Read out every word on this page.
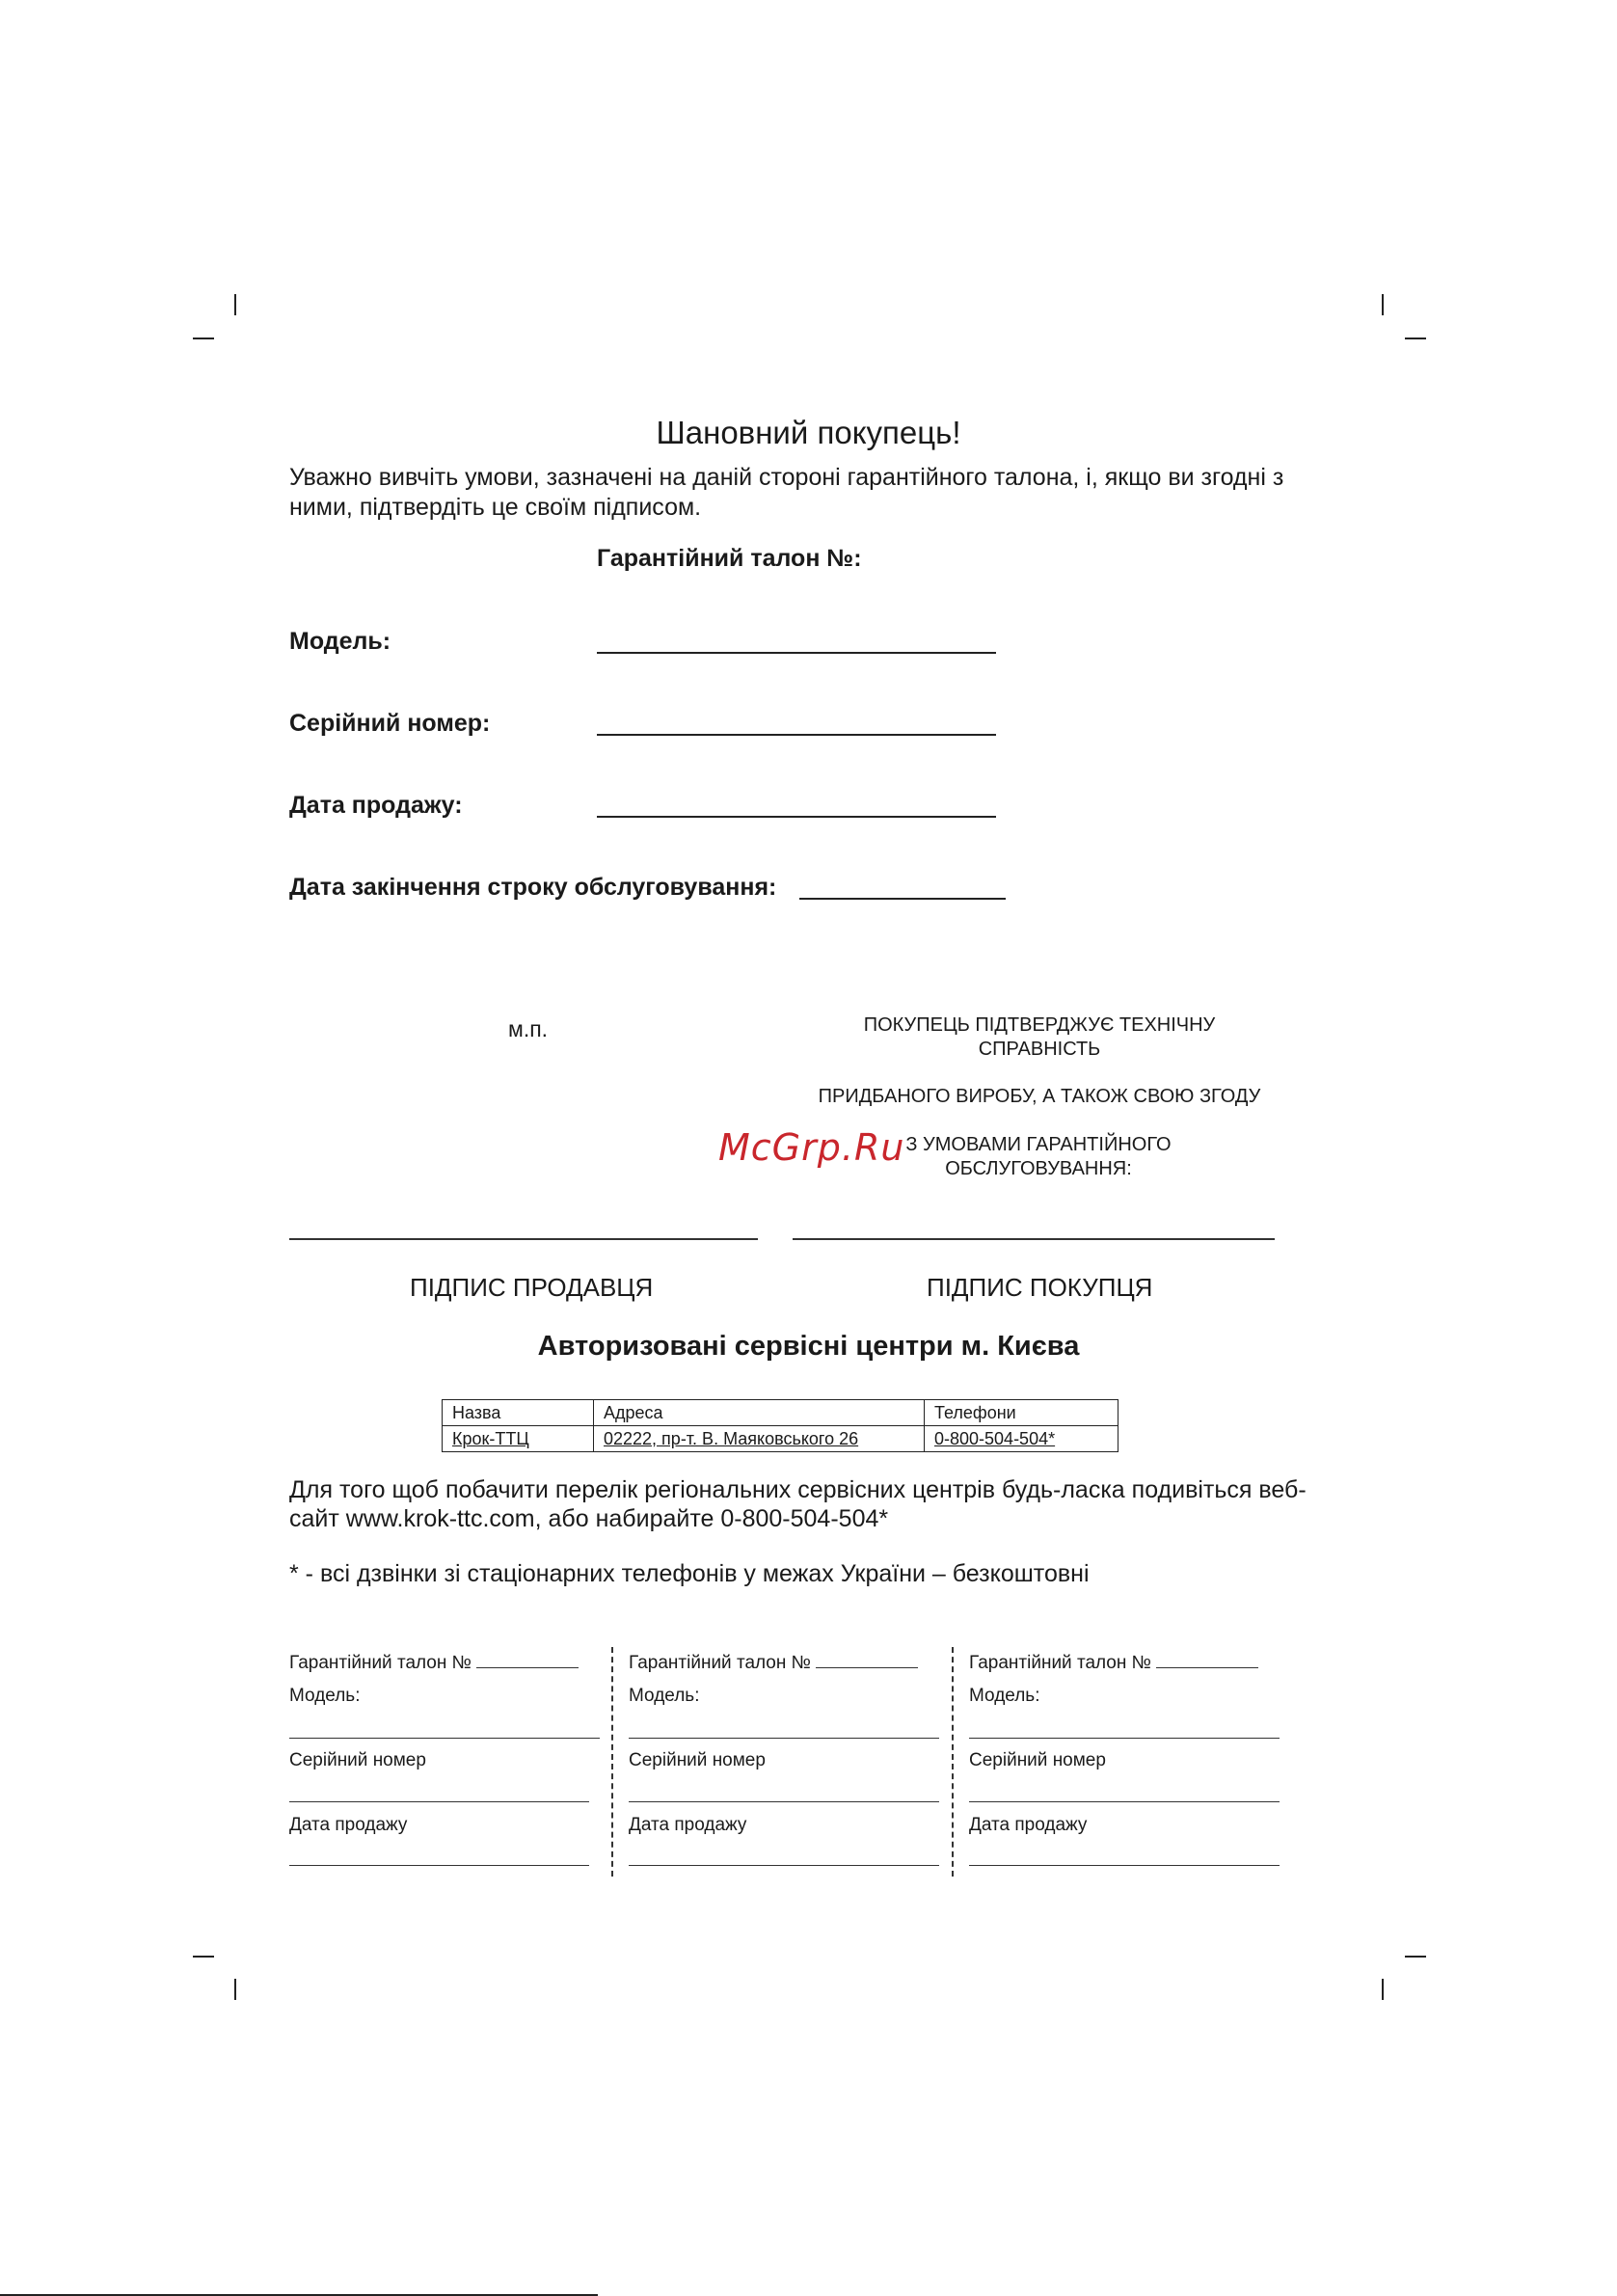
Шановний покупець!
Уважно вивчіть умови, зазначені на даній стороні гарантійного талона, і, якщо ви згодні з ними, підтвердіть це своїм підписом.
Гарантійний талон №:
Модель:
Серійний номер:
Дата продажу:
Дата закінчення строку обслуговування:
м.п.	ПОКУПЕЦЬ ПІДТВЕРДЖУЄ ТЕХНІЧНУ
СПРАВНІСТЬ
ПРИДБАНОГО ВИРОБУ, А ТАКОЖ СВОЮ ЗГОДУ
З УМОВАМИ ГАРАНТІЙНОГО
ОБСЛУГОВУВАННЯ:
McGrp.Ru
ПІДПИС ПРОДАВЦЯ	ПІДПИС ПОКУПЦЯ
Авторизовані сервісні центри м. Києва
Назва	Адреса	Телефони
Крок-ТТЦ	02222, пр-т. В. Маяковського 26	0-800-504-504*
Для того щоб побачити перелік регіональних сервісних центрів будь-ласка подивіться веб-сайт www.krok-ttc.com, або набирайте 0-800-504-504*
* - всі дзвінки зі стаціонарних телефонів у межах України – безкоштовні
Гарантійний талон №
Модель:
Серійний номер
Дата продажу
Гарантійний талон №
Модель:
Серійний номер
Дата продажу
Гарантійний талон №
Модель:
Серійний номер
Дата продажу
